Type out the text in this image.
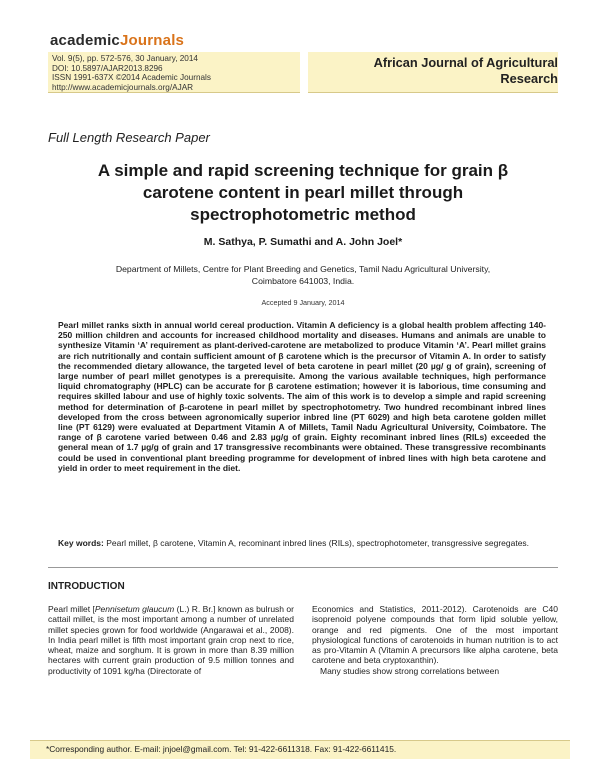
academicJournals
Vol. 9(5), pp. 572-576, 30 January, 2014
DOI: 10.5897/AJAR2013.8296
ISSN 1991-637X ©2014 Academic Journals
http://www.academicjournals.org/AJAR
African Journal of Agricultural
Research
Full Length Research Paper
A simple and rapid screening technique for grain β
carotene content in pearl millet through
spectrophotometric method
M. Sathya, P. Sumathi and A. John Joel*
Department of Millets, Centre for Plant Breeding and Genetics, Tamil Nadu Agricultural University,
Coimbatore 641003, India.
Accepted 9 January, 2014
Pearl millet ranks sixth in annual world cereal production. Vitamin A deficiency is a global health problem affecting 140-250 million children and accounts for increased childhood mortality and diseases. Humans and animals are unable to synthesize Vitamin ‘A’ requirement as plant-derived-carotene are metabolized to produce Vitamin ‘A’. Pearl millet grains are rich nutritionally and contain sufficient amount of β carotene which is the precursor of Vitamin A. In order to satisfy the recommended dietary allowance, the targeted level of beta carotene in pearl millet (20 µg/ g of grain), screening of large number of pearl millet genotypes is a prerequisite. Among the various available techniques, high performance liquid chromatography (HPLC) can be accurate for β carotene estimation; however it is laborious, time consuming and requires skilled labour and use of highly toxic solvents. The aim of this work is to develop a simple and rapid screening method for determination of β-carotene in pearl millet by spectrophotometry. Two hundred recombinant inbred lines developed from the cross between agronomically superior inbred line (PT 6029) and high beta carotene golden millet line (PT 6129) were evaluated at Department Vitamin A of Millets, Tamil Nadu Agricultural University, Coimbatore. The range of β carotene varied between 0.46 and 2.83 µg/g of grain. Eighty recominant inbred lines (RILs) exceeded the general mean of 1.7 µg/g of grain and 17 transgressive recombinants were obtained. These transgressive recombinants could be used in conventional plant breeding programme for development of inbred lines with high beta carotene and yield in order to meet requirement in the diet.
Key words: Pearl millet, β carotene, Vitamin A, recominant inbred lines (RILs), spectrophotometer, transgressive segregates.
INTRODUCTION

Pearl millet [Pennisetum glaucum (L.) R. Br.] known as bulrush or cattail millet, is the most important among a number of unrelated millet species grown for food worldwide (Angarawai et al., 2008). In India pearl millet is fifth most important grain crop next to rice, wheat, maize and sorghum. It is grown in more than 8.39 million hectares with current grain production of 9.5 million tonnes and productivity of 1091 kg/ha (Directorate of

Economics and Statistics, 2011-2012). Carotenoids are C40 isoprenoid polyene compounds that form lipid soluble yellow, orange and red pigments. One of the most important physiological functions of carotenoids in human nutrition is to act as pro-Vitamin A (Vitamin A precursors like alpha carotene, beta carotene and beta cryptoxanthin).

Many studies show strong correlations between

*Corresponding author. E-mail: jnjoel@gmail.com. Tel: 91-422-6611318. Fax: 91-422-6611415.
